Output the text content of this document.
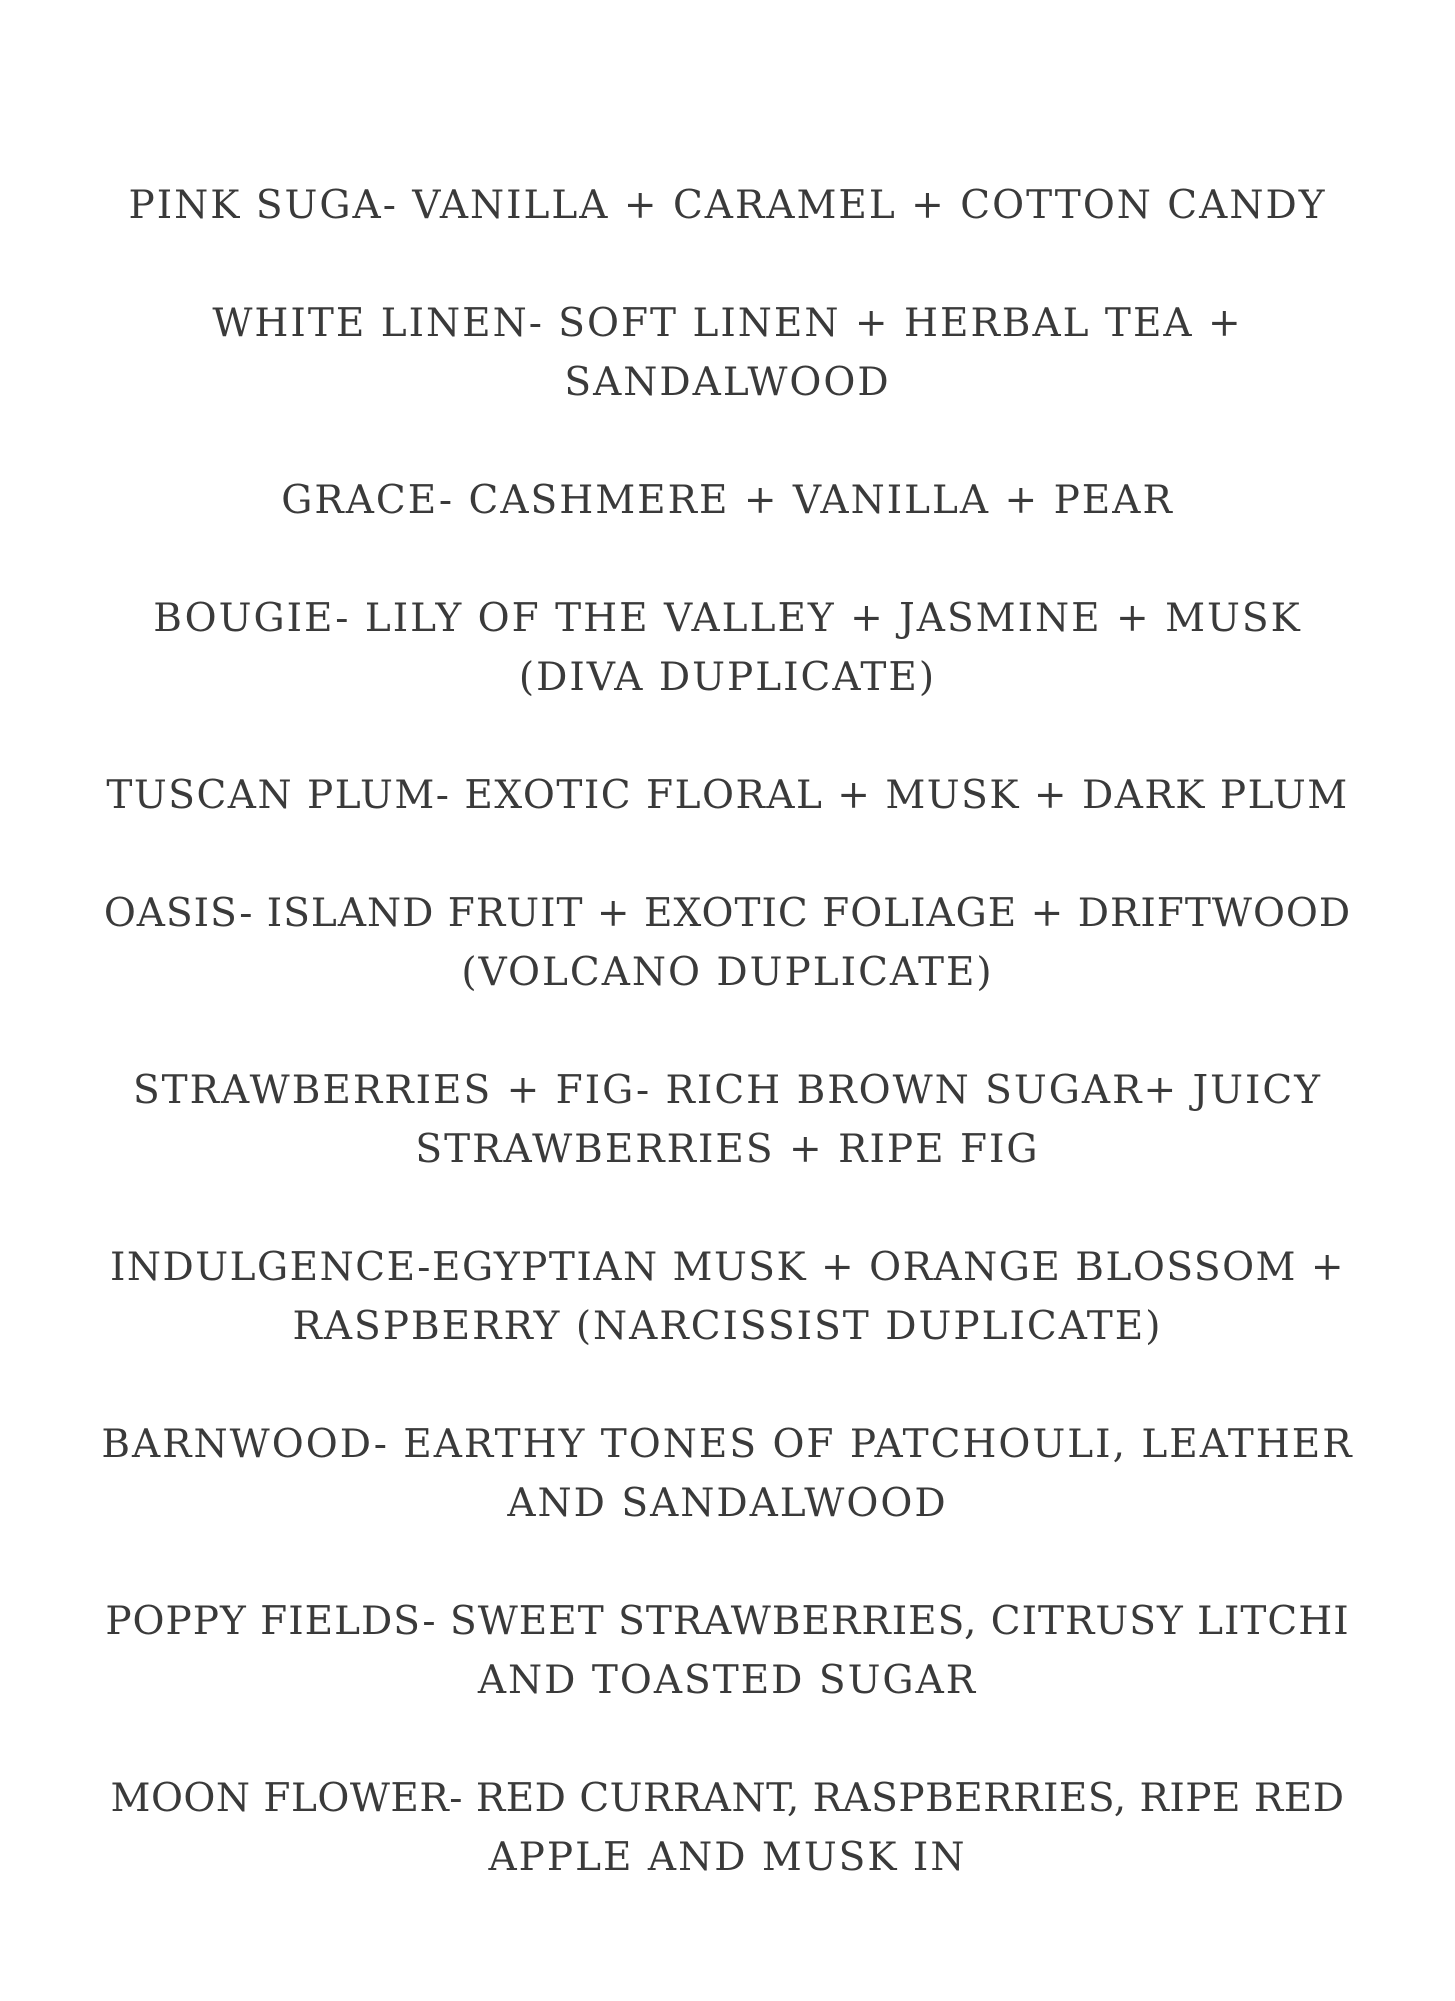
PINK SUGA- VANILLA + CARAMEL + COTTON CANDY
WHITE LINEN- SOFT LINEN + HERBAL TEA +
SANDALWOOD
GRACE- CASHMERE + VANILLA + PEAR
BOUGIE- LILY OF THE VALLEY + JASMINE + MUSK
(DIVA DUPLICATE)
TUSCAN PLUM- EXOTIC FLORAL + MUSK + DARK PLUM
OASIS- ISLAND FRUIT + EXOTIC FOLIAGE + DRIFTWOOD
(VOLCANO DUPLICATE)
STRAWBERRIES + FIG- RICH BROWN SUGAR+ JUICY
STRAWBERRIES + RIPE FIG
INDULGENCE-EGYPTIAN MUSK + ORANGE BLOSSOM +
RASPBERRY (NARCISSIST DUPLICATE)
BARNWOOD- EARTHY TONES OF PATCHOULI, LEATHER
AND SANDALWOOD
POPPY FIELDS- SWEET STRAWBERRIES, CITRUSY LITCHI
AND TOASTED SUGAR
MOON FLOWER- RED CURRANT, RASPBERRIES, RIPE RED
APPLE AND MUSK IN
